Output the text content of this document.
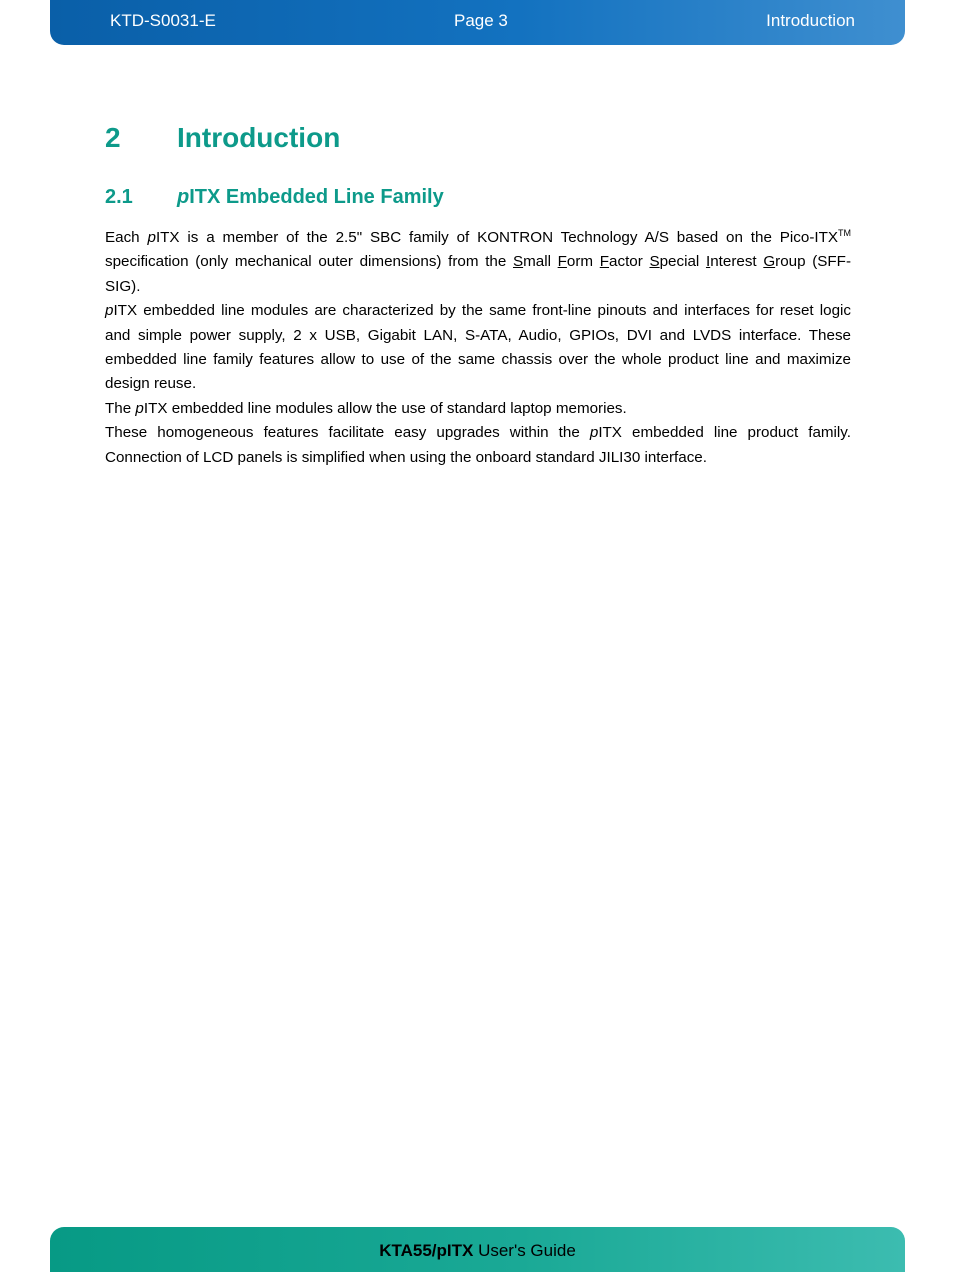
KTD-S0031-E	Page 3	Introduction
2 Introduction
2.1 pITX Embedded Line Family

Each pITX is a member of the 2.5" SBC family of KONTRON Technology A/S based on the Pico-ITX™ specification (only mechanical outer dimensions) from the Small Form Factor Special Interest Group (SFF-SIG).

pITX embedded line modules are characterized by the same front-line pinouts and interfaces for reset logic and simple power supply, 2 x USB, Gigabit LAN, S-ATA, Audio, GPIOs, DVI and LVDS interface. These embedded line family features allow to use of the same chassis over the whole product line and maximize design reuse.

The pITX embedded line modules allow the use of standard laptop memories.

These homogeneous features facilitate easy upgrades within the pITX embedded line product family. Connection of LCD panels is simplified when using the onboard standard JILI30 interface.

KTA55/pITX User's Guide
